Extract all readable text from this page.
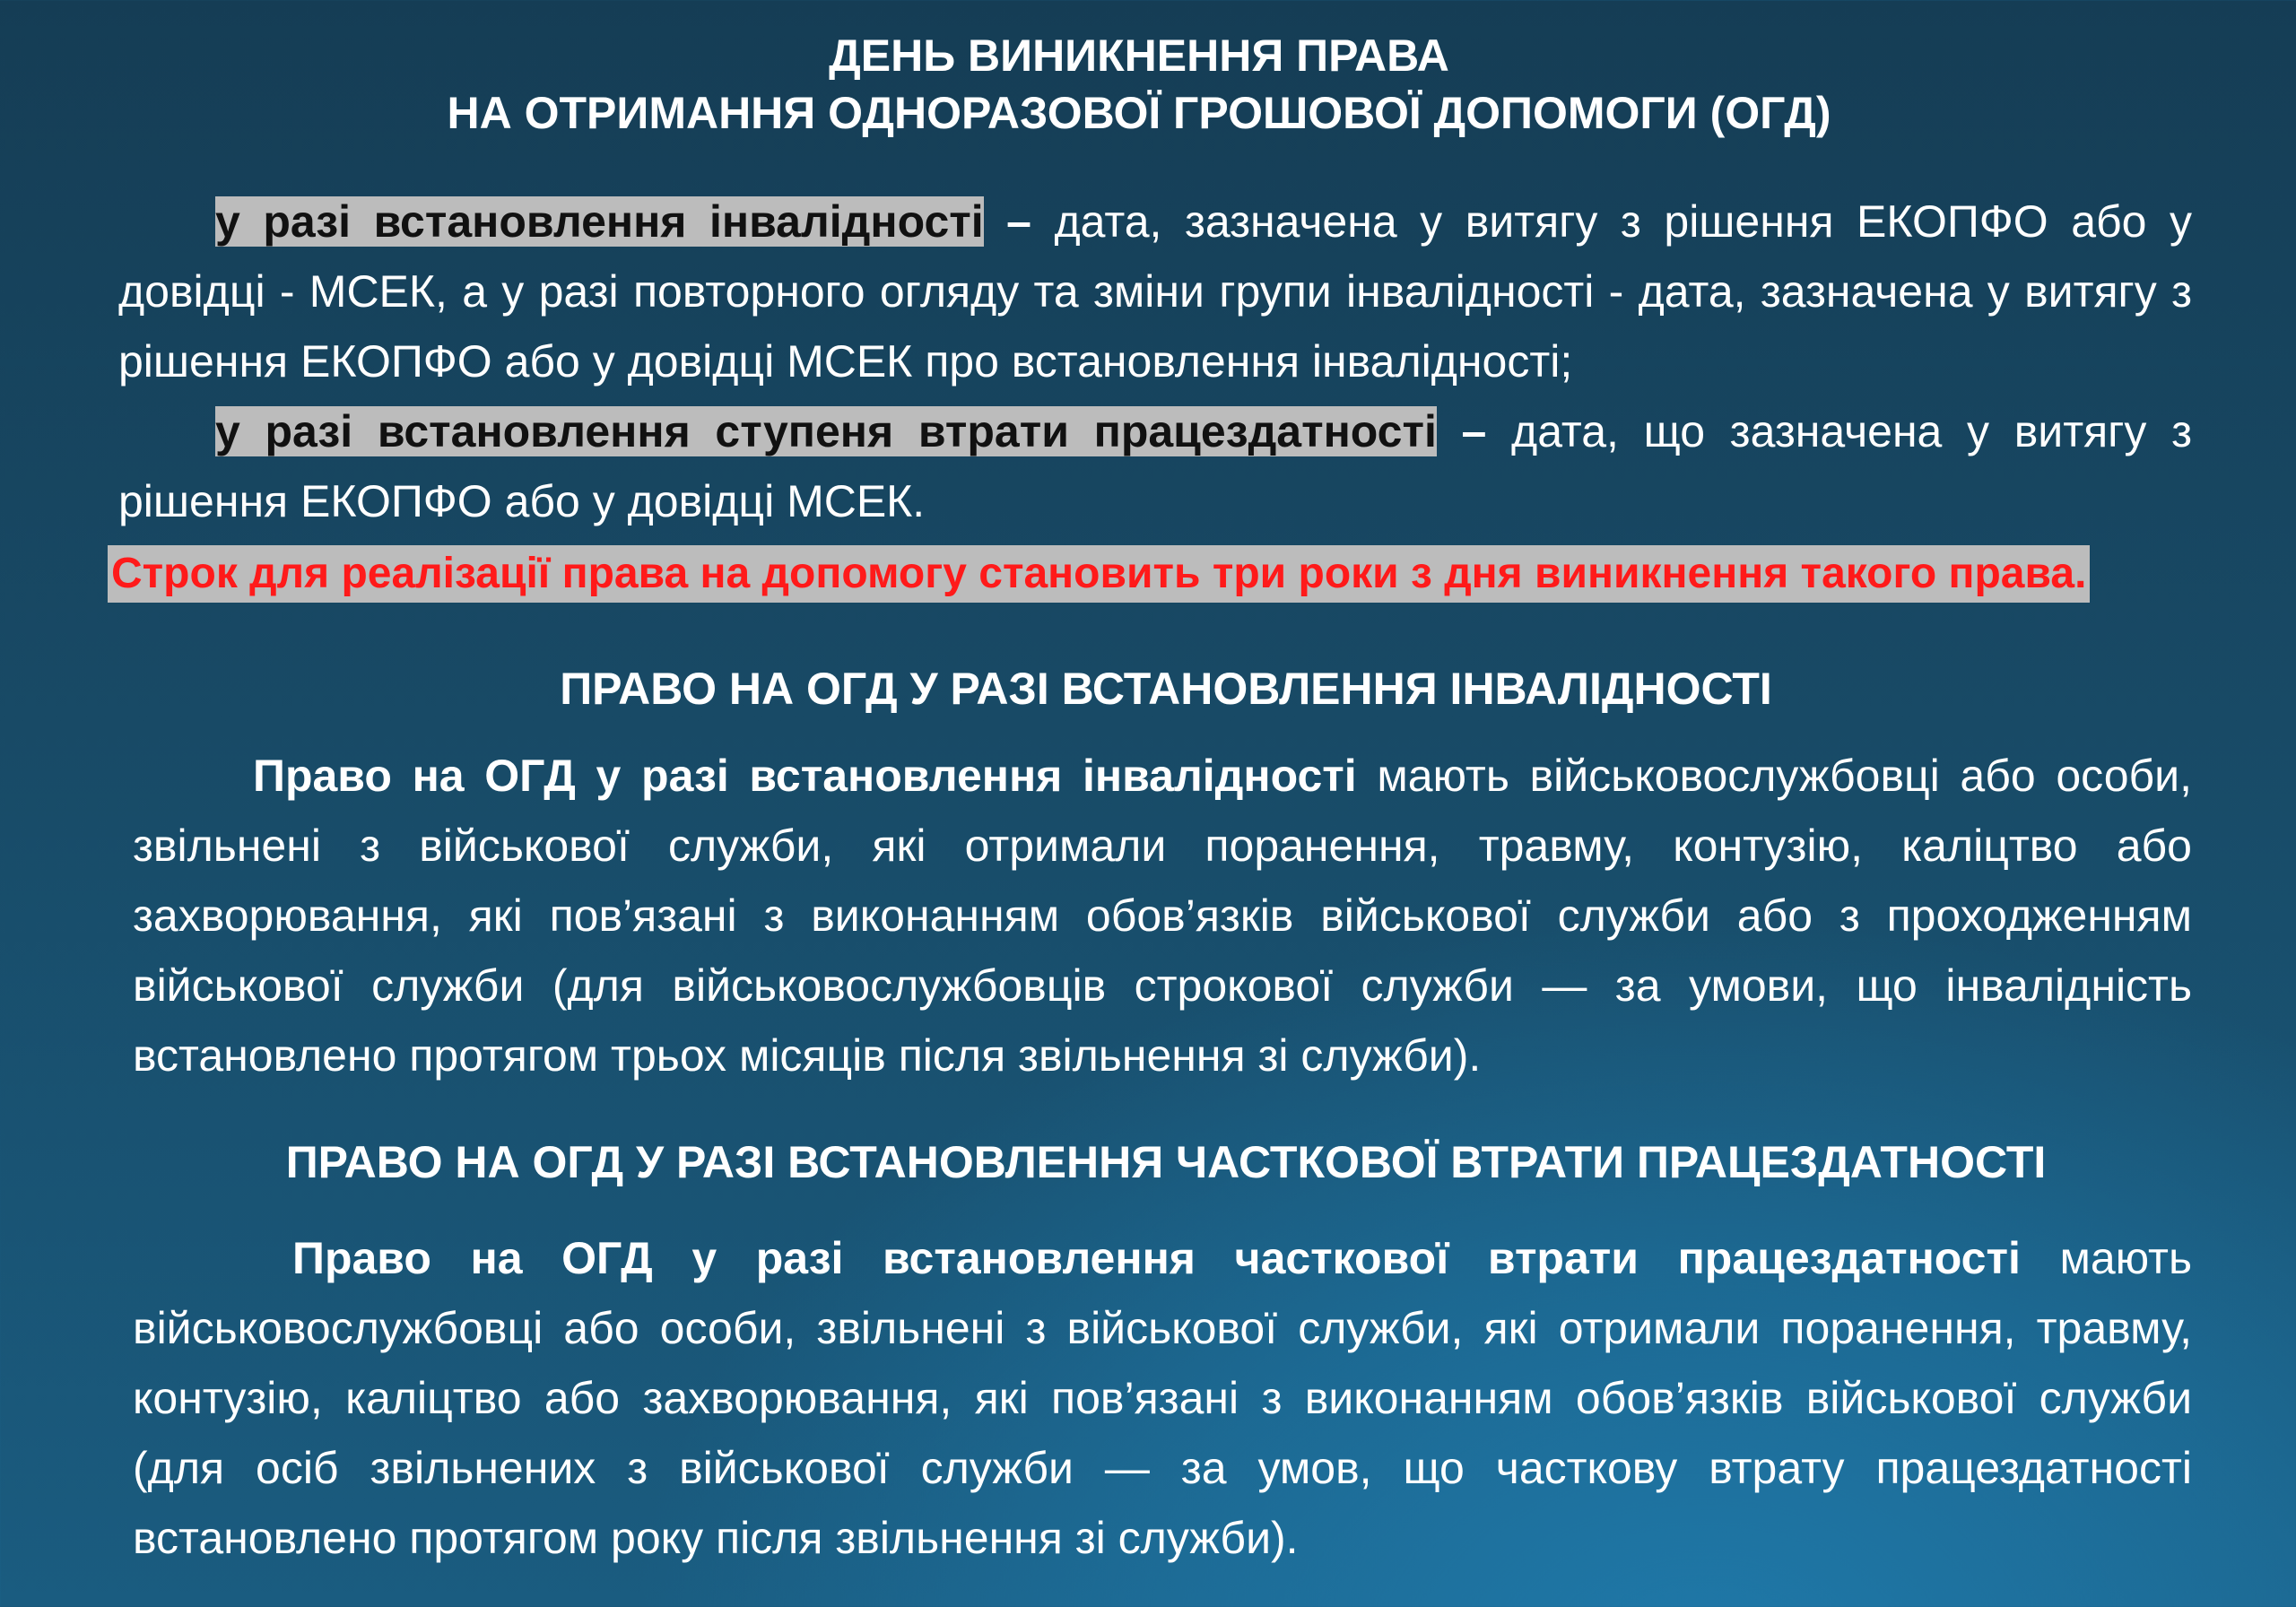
ДЕНЬ ВИНИКНЕННЯ ПРАВА
НА ОТРИМАННЯ ОДНОРАЗОВОЇ ГРОШОВОЇ ДОПОМОГИ (ОГД)
у разі встановлення інвалідності – дата, зазначена у витягу з рішення ЕКОПФО або у довідці - МСЕК, а у разі повторного огляду та зміни групи інвалідності - дата, зазначена у витягу з рішення ЕКОПФО або у довідці МСЕК про встановлення інвалідності;
у разі встановлення ступеня втрати працездатності – дата, що зазначена у витягу з рішення ЕКОПФО або у довідці МСЕК.
Строк для реалізації права на допомогу становить три роки з дня виникнення такого права.
ПРАВО НА ОГД У РАЗІ ВСТАНОВЛЕННЯ ІНВАЛІДНОСТІ
Право на ОГД у разі встановлення інвалідності мають військовослужбовці або особи, звільнені з військової служби, які отримали поранення, травму, контузію, каліцтво або захворювання, які пов’язані з виконанням обов’язків військової служби або з проходженням військової служби (для військовослужбовців строкової служби — за умови, що інвалідність встановлено протягом трьох місяців після звільнення зі служби).
ПРАВО НА ОГД У РАЗІ ВСТАНОВЛЕННЯ ЧАСТКОВОЇ ВТРАТИ ПРАЦЕЗДАТНОСТІ
Право на ОГД у разі встановлення часткової втрати працездатності мають військовослужбовці або особи, звільнені з військової служби, які отримали поранення, травму, контузію, каліцтво або захворювання, які пов’язані з виконанням обов’язків військової служби (для осіб звільнених з військової служби — за умов, що часткову втрату працездатності встановлено протягом року після звільнення зі служби).
